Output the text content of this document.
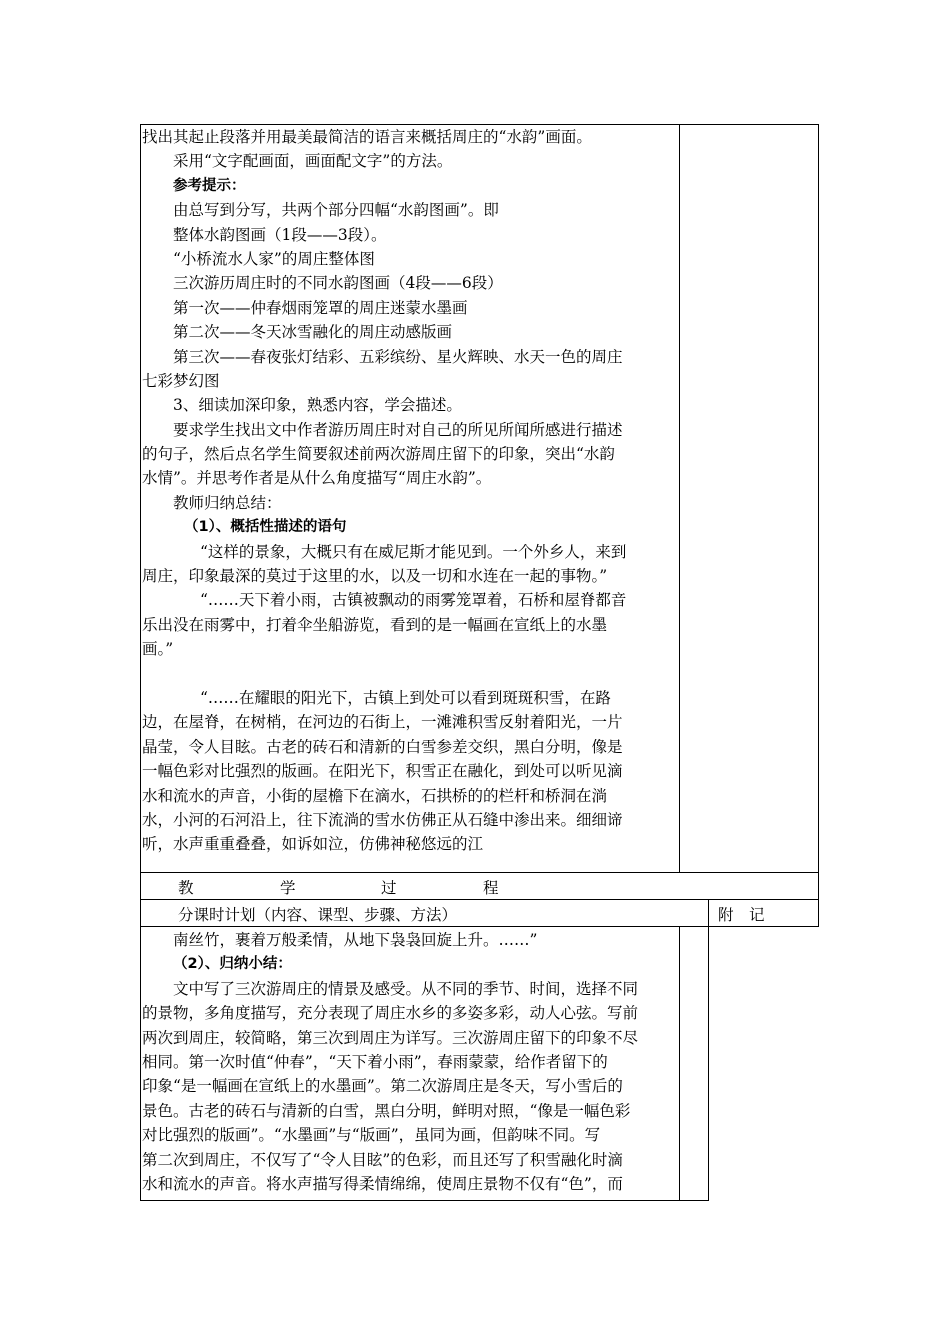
找出其起止段落并用最美最简洁的语言来概括周庄的“水韵”画面。
采用“文字配画面，画面配文字”的方法。
参考提示：
由总写到分写，共两个部分四幅“水韵图画”。即
整体水韵图画（1段——3段）。
“小桥流水人家”的周庄整体图
三次游历周庄时的不同水韵图画（4段——6段）
第一次——仲春烟雨笼罩的周庄迷蒙水墨画
第二次——冬天冰雪融化的周庄动感版画
第三次——春夜张灯结彩、五彩缤纷、星火辉映、水天一色的周庄
七彩梦幻图
3、细读加深印象，熟悉内容，学会描述。
要求学生找出文中作者游历周庄时对自己的所见所闻所感进行描述
的句子，然后点名学生简要叙述前两次游周庄留下的印象，突出“水韵
水情”。并思考作者是从什么角度描写“周庄水韵”。
教师归纳总结：
（1）、概括性描述的语句
“这样的景象，大概只有在威尼斯才能见到。一个外乡人，来到
周庄，印象最深的莫过于这里的水，以及一切和水连在一起的事物。”
“……天下着小雨，古镇被飘动的雨雾笼罩着，石桥和屋脊都音
乐出没在雨雾中，打着伞坐船游览，看到的是一幅画在宣纸上的水墨
画。”
“……在耀眼的阳光下，古镇上到处可以看到斑斑积雪，在路
边，在屋脊，在树梢，在河边的石街上，一滩滩积雪反射着阳光，一片
晶莹，令人目眩。古老的砖石和清新的白雪参差交织，黑白分明，像是
一幅色彩对比强烈的版画。在阳光下，积雪正在融化，到处可以听见滴
水和流水的声音，小街的屋檐下在滴水，石拱桥的的栏杆和桥洞在淌
水，小河的石河沿上，往下流淌的雪水仿佛正从石缝中渗出来。细细谛
听，水声重重叠叠，如诉如泣，仿佛神秘悠远的江
教	学	过	程
分课时计划（内容、课型、步骤、方法）	附　记
南丝竹，裹着万般柔情，从地下袅袅回旋上升。……”
（2）、归纳小结：
文中写了三次游周庄的情景及感受。从不同的季节、时间，选择不同
的景物，多角度描写，充分表现了周庄水乡的多姿多彩，动人心弦。写前
两次到周庄，较简略，第三次到周庄为详写。三次游周庄留下的印象不尽
相同。第一次时值“仲春”，“天下着小雨”，春雨蒙蒙，给作者留下的
印象“是一幅画在宣纸上的水墨画”。第二次游周庄是冬天，写小雪后的
景色。古老的砖石与清新的白雪，黑白分明，鲜明对照，“像是一幅色彩
对比强烈的版画”。“水墨画”与“版画”，虽同为画，但韵味不同。写
第二次到周庄，不仅写了“令人目眩”的色彩，而且还写了积雪融化时滴
水和流水的声音。将水声描写得柔情绵绵，使周庄景物不仅有“色”，而
